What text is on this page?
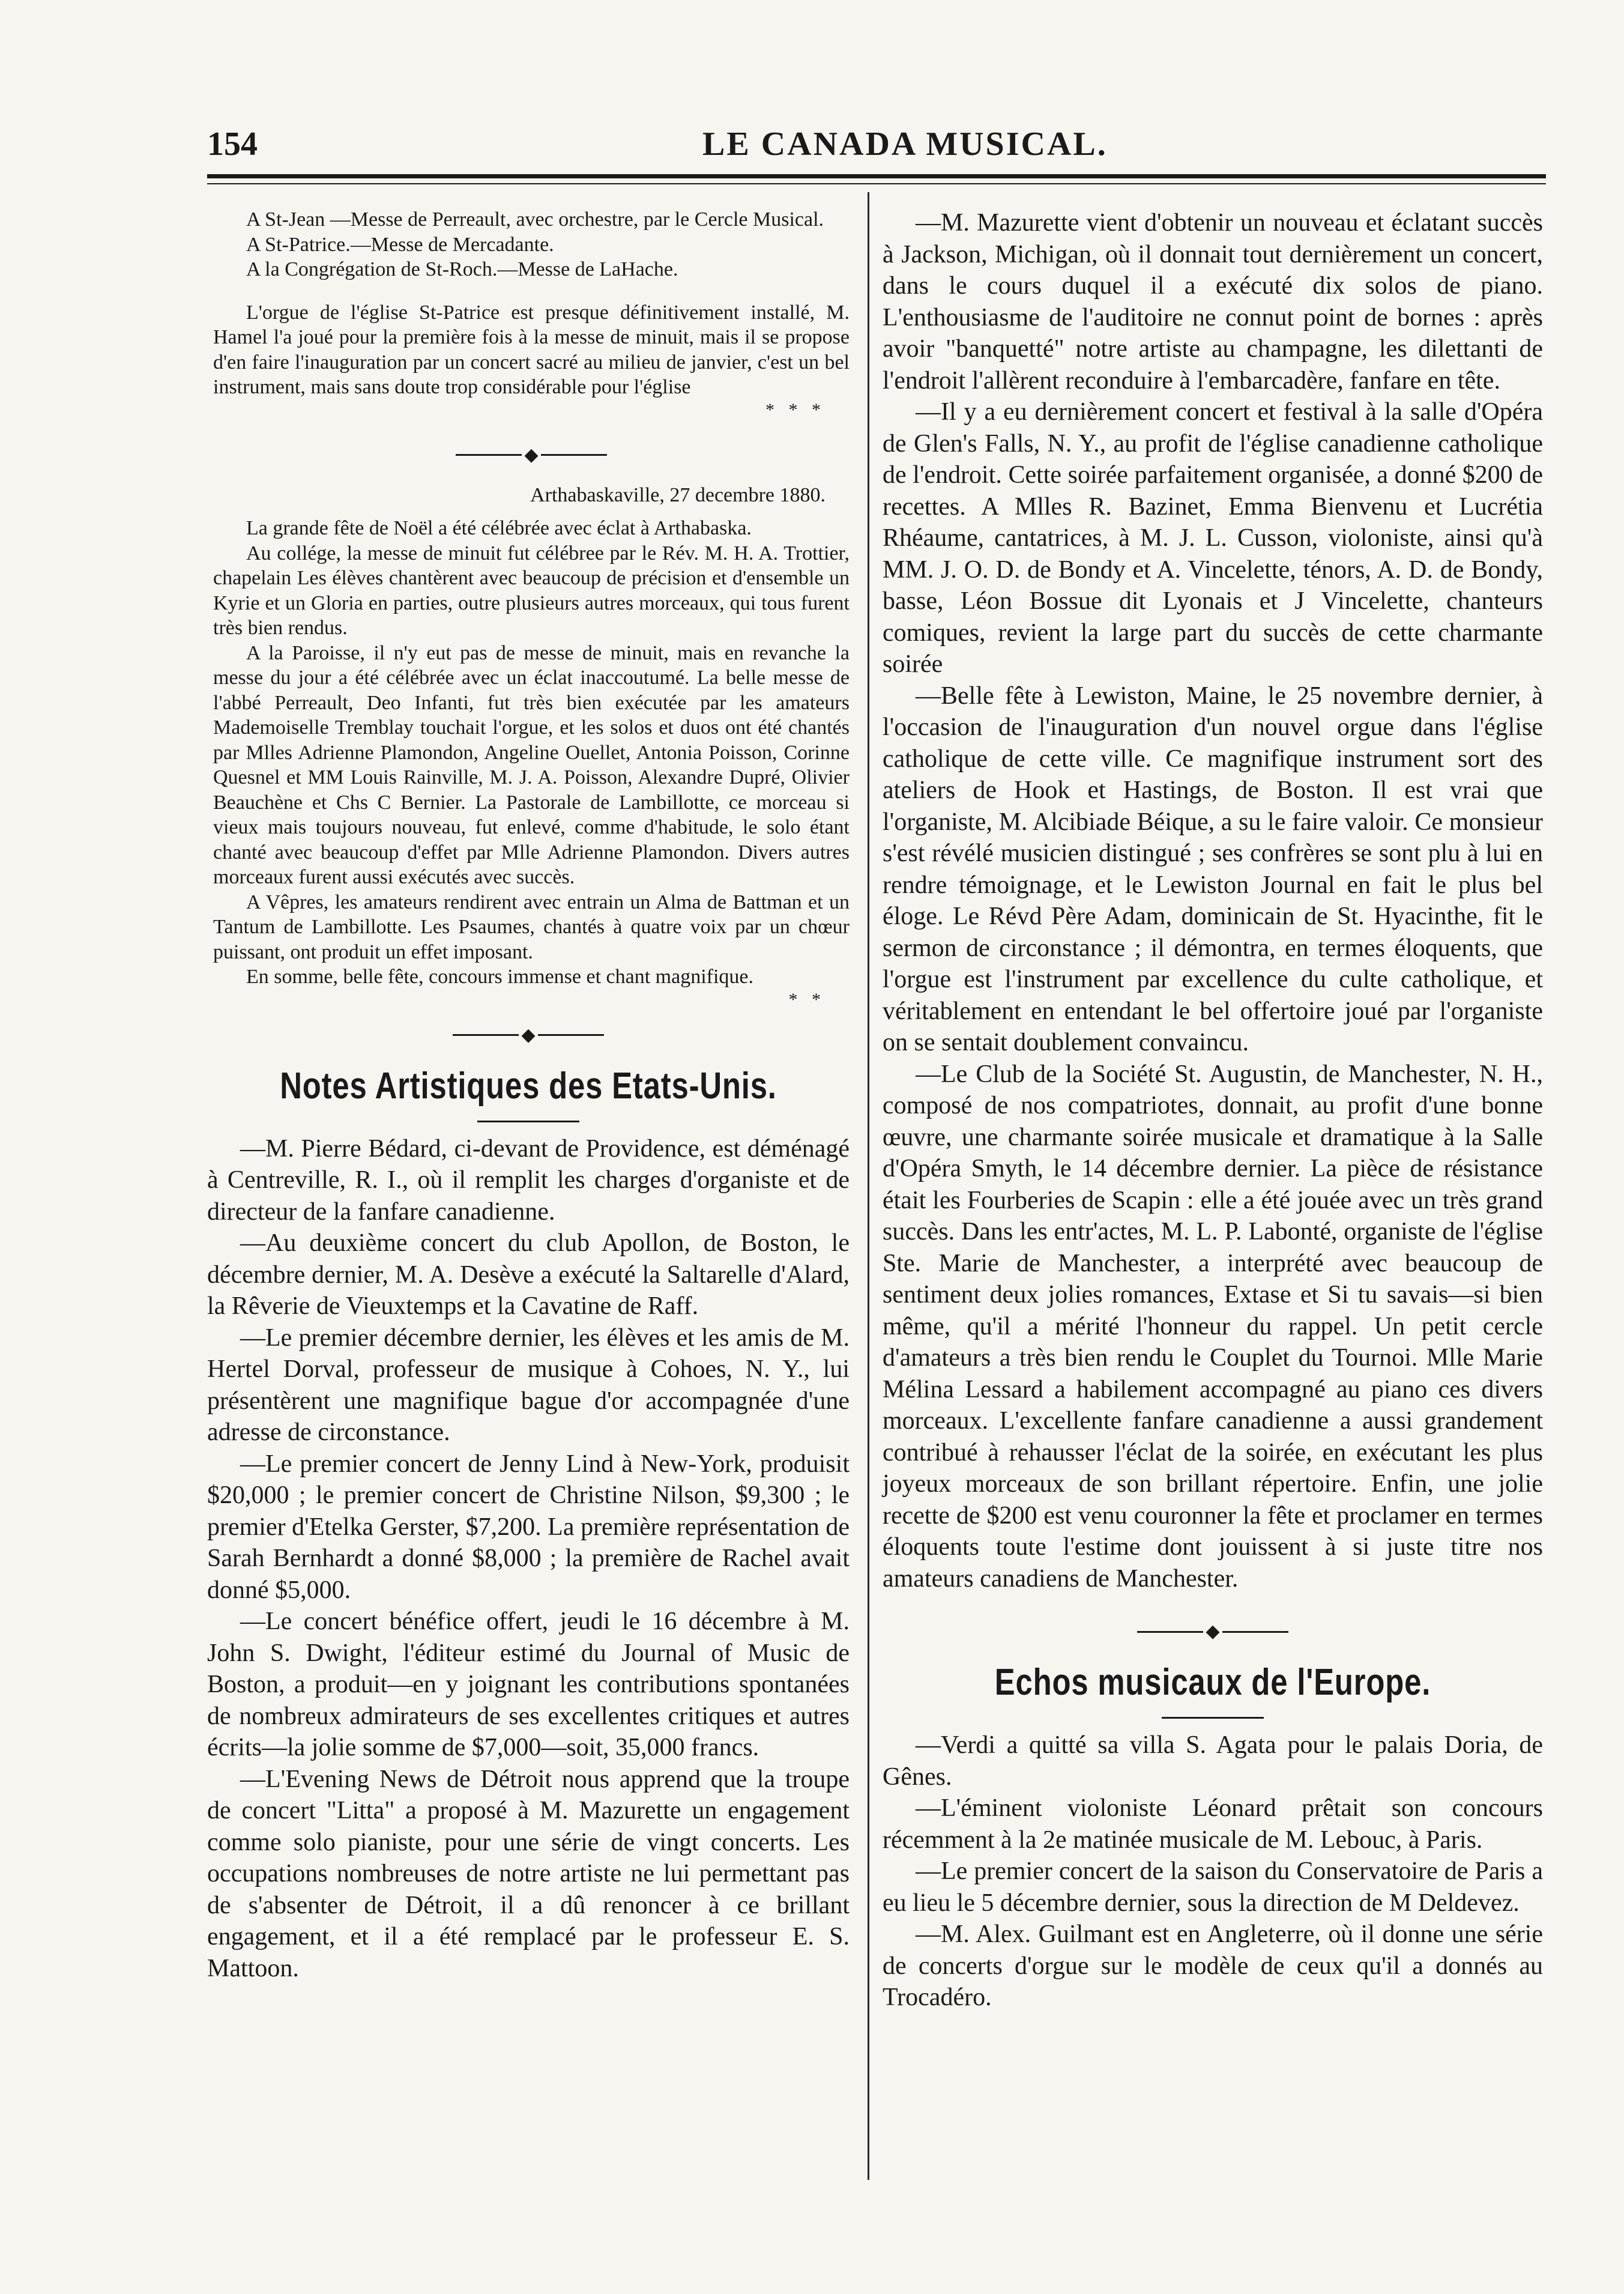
154	LE CANADA MUSICAL.

A St-Jean —Messe de Perreault, avec orchestre, par le Cercle Musical.

A St-Patrice.—Messe de Mercadante.

A la Congrégation de St-Roch.—Messe de LaHache.

L'orgue de l'église St-Patrice est presque définitivement installé, M. Hamel l'a joué pour la première fois à la messe de minuit, mais il se propose d'en faire l'inauguration par un concert sacré au milieu de janvier, c'est un bel instrument, mais sans doute trop considérable pour l'église

* * *
◆

Arthabaskaville, 27 decembre 1880.

La grande fête de Noël a été célébrée avec éclat à Arthabaska.

Au collége, la messe de minuit fut célébree par le Rév. M. H. A. Trottier, chapelain Les élèves chantèrent avec beaucoup de précision et d'ensemble un Kyrie et un Gloria en parties, outre plusieurs autres morceaux, qui tous furent très bien rendus.

A la Paroisse, il n'y eut pas de messe de minuit, mais en revanche la messe du jour a été célébrée avec un éclat inaccoutumé. La belle messe de l'abbé Perreault, Deo Infanti, fut très bien exécutée par les amateurs Mademoiselle Tremblay touchait l'orgue, et les solos et duos ont été chantés par Mlles Adrienne Plamondon, Angeline Ouellet, Antonia Poisson, Corinne Quesnel et MM Louis Rainville, M. J. A. Poisson, Alexandre Dupré, Olivier Beauchène et Chs C Bernier. La Pastorale de Lambillotte, ce morceau si vieux mais toujours nouveau, fut enlevé, comme d'habitude, le solo étant chanté avec beaucoup d'effet par Mlle Adrienne Plamondon. Divers autres morceaux furent aussi exécutés avec succès.

A Vêpres, les amateurs rendirent avec entrain un Alma de Battman et un Tantum de Lambillotte. Les Psaumes, chantés à quatre voix par un chœur puissant, ont produit un effet imposant.

En somme, belle fête, concours immense et chant magnifique.

* *
◆
Notes Artistiques des Etats-Unis.

—M. Pierre Bédard, ci-devant de Providence, est déménagé à Centreville, R. I., où il remplit les charges d'organiste et de directeur de la fanfare canadienne.

—Au deuxième concert du club Apollon, de Boston, le décembre dernier, M. A. Desève a exécuté la Saltarelle d'Alard, la Rêverie de Vieuxtemps et la Cavatine de Raff.

—Le premier décembre dernier, les élèves et les amis de M. Hertel Dorval, professeur de musique à Cohoes, N. Y., lui présentèrent une magnifique bague d'or accompagnée d'une adresse de circonstance.

—Le premier concert de Jenny Lind à New-York, produisit $20,000 ; le premier concert de Christine Nilson, $9,300 ; le premier d'Etelka Gerster, $7,200. La première représentation de Sarah Bernhardt a donné $8,000 ; la première de Rachel avait donné $5,000.

—Le concert bénéfice offert, jeudi le 16 décembre à M. John S. Dwight, l'éditeur estimé du Journal of Music de Boston, a produit—en y joignant les contributions spontanées de nombreux admirateurs de ses excellentes critiques et autres écrits—la jolie somme de $7,000—soit, 35,000 francs.

—L'Evening News de Détroit nous apprend que la troupe de concert "Litta" a proposé à M. Mazurette un engagement comme solo pianiste, pour une série de vingt concerts. Les occupations nombreuses de notre artiste ne lui permettant pas de s'absenter de Détroit, il a dû renoncer à ce brillant engagement, et il a été remplacé par le professeur E. S. Mattoon.

—M. Mazurette vient d'obtenir un nouveau et éclatant succès à Jackson, Michigan, où il donnait tout dernièrement un concert, dans le cours duquel il a exécuté dix solos de piano. L'enthousiasme de l'auditoire ne connut point de bornes : après avoir "banquetté" notre artiste au champagne, les dilettanti de l'endroit l'allèrent reconduire à l'embarcadère, fanfare en tête.

—Il y a eu dernièrement concert et festival à la salle d'Opéra de Glen's Falls, N. Y., au profit de l'église canadienne catholique de l'endroit. Cette soirée parfaitement organisée, a donné $200 de recettes. A Mlles R. Bazinet, Emma Bienvenu et Lucrétia Rhéaume, cantatrices, à M. J. L. Cusson, violoniste, ainsi qu'à MM. J. O. D. de Bondy et A. Vincelette, ténors, A. D. de Bondy, basse, Léon Bossue dit Lyonais et J Vincelette, chanteurs comiques, revient la large part du succès de cette charmante soirée

—Belle fête à Lewiston, Maine, le 25 novembre dernier, à l'occasion de l'inauguration d'un nouvel orgue dans l'église catholique de cette ville. Ce magnifique instrument sort des ateliers de Hook et Hastings, de Boston. Il est vrai que l'organiste, M. Alcibiade Béique, a su le faire valoir. Ce monsieur s'est révélé musicien distingué ; ses confrères se sont plu à lui en rendre témoignage, et le Lewiston Journal en fait le plus bel éloge. Le Révd Père Adam, dominicain de St. Hyacinthe, fit le sermon de circonstance ; il démontra, en termes éloquents, que l'orgue est l'instrument par excellence du culte catholique, et véritablement en entendant le bel offertoire joué par l'organiste on se sentait doublement convaincu.

—Le Club de la Société St. Augustin, de Manchester, N. H., composé de nos compatriotes, donnait, au profit d'une bonne œuvre, une charmante soirée musicale et dramatique à la Salle d'Opéra Smyth, le 14 décembre dernier. La pièce de résistance était les Fourberies de Scapin : elle a été jouée avec un très grand succès. Dans les entr'actes, M. L. P. Labonté, organiste de l'église Ste. Marie de Manchester, a interprété avec beaucoup de sentiment deux jolies romances, Extase et Si tu savais—si bien même, qu'il a mérité l'honneur du rappel. Un petit cercle d'amateurs a très bien rendu le Couplet du Tournoi. Mlle Marie Mélina Lessard a habilement accompagné au piano ces divers morceaux. L'excellente fanfare canadienne a aussi grandement contribué à rehausser l'éclat de la soirée, en exécutant les plus joyeux morceaux de son brillant répertoire. Enfin, une jolie recette de $200 est venu couronner la fête et proclamer en termes éloquents toute l'estime dont jouissent à si juste titre nos amateurs canadiens de Manchester.

◆
Echos musicaux de l'Europe.

—Verdi a quitté sa villa S. Agata pour le palais Doria, de Gênes.

—L'éminent violoniste Léonard prêtait son concours récemment à la 2e matinée musicale de M. Lebouc, à Paris.

—Le premier concert de la saison du Conservatoire de Paris a eu lieu le 5 décembre dernier, sous la direction de M Deldevez.

—M. Alex. Guilmant est en Angleterre, où il donne une série de concerts d'orgue sur le modèle de ceux qu'il a donnés au Trocadéro.
